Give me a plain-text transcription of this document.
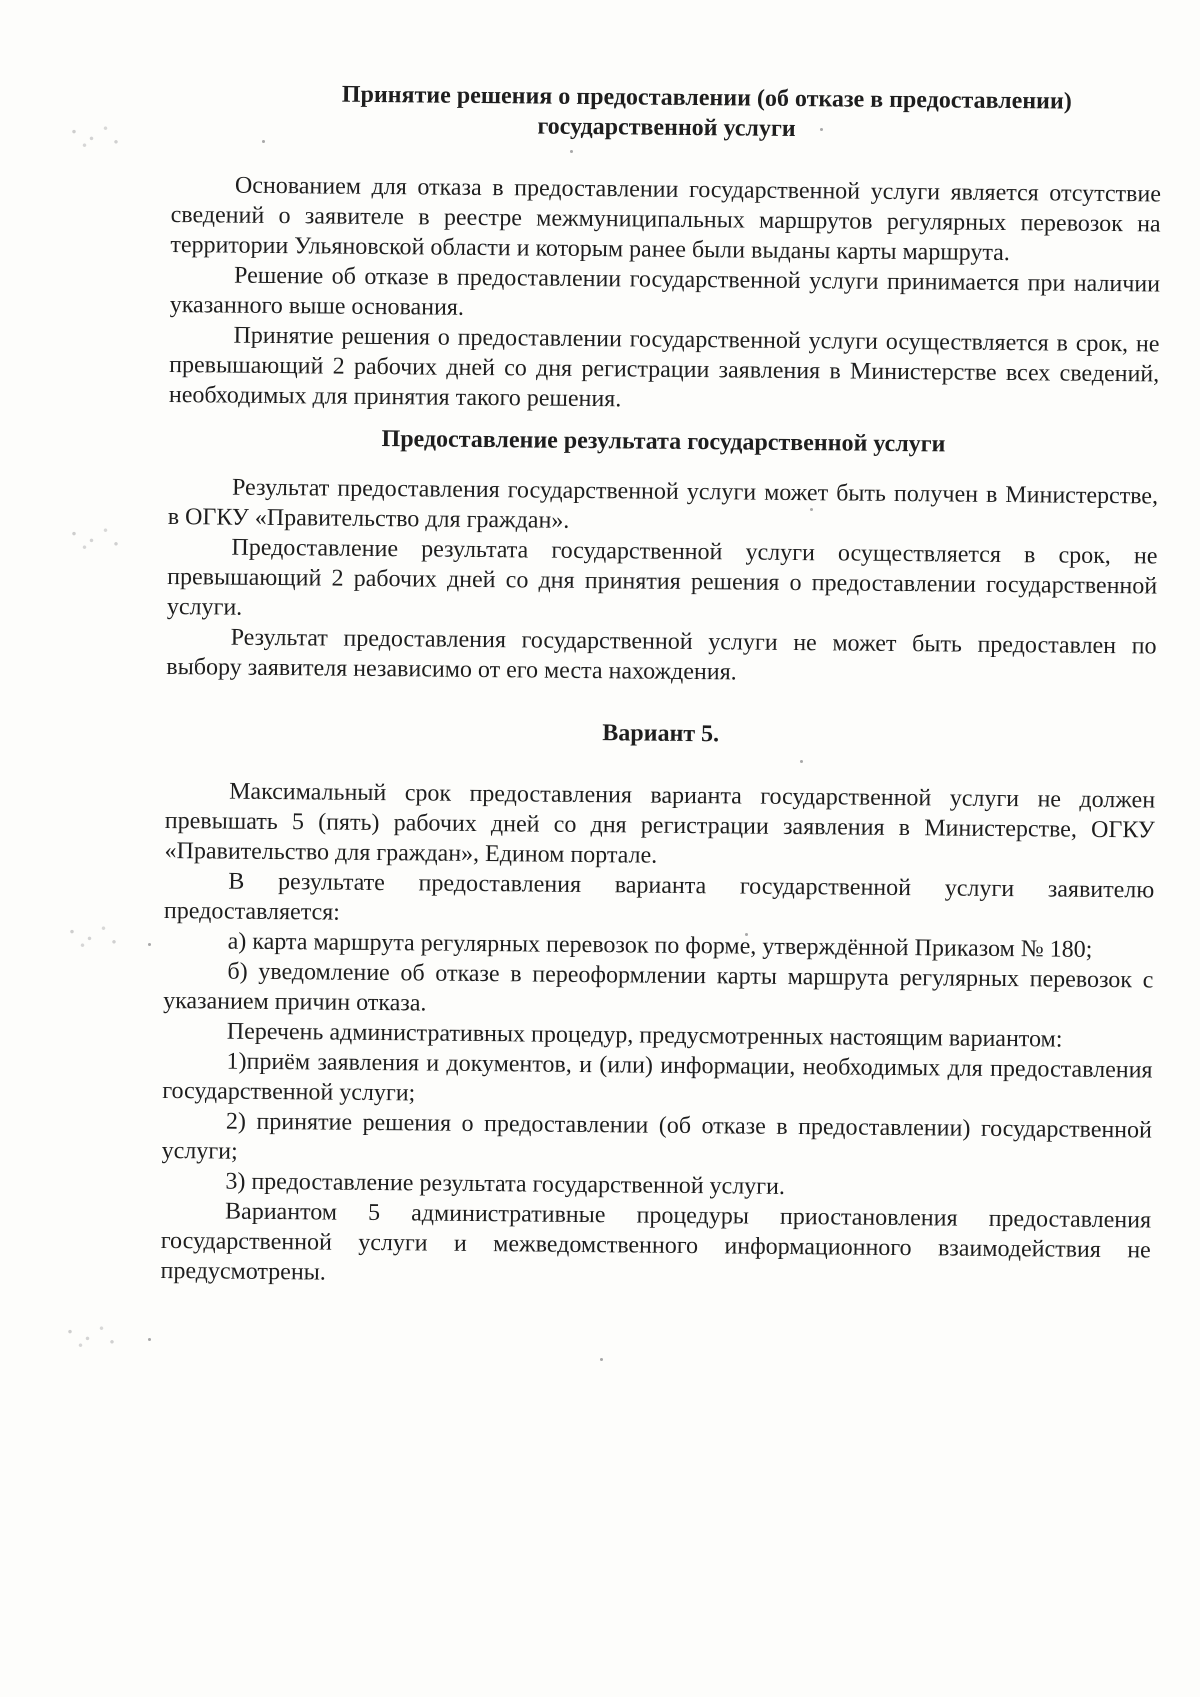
Принятие решения о предоставлении (об отказе в предоставлении)

государственной услуги

Основанием для отказа в предоставлении государственной услуги является отсутствие сведений о заявителе в реестре межмуниципальных маршрутов регулярных перевозок на территории Ульяновской области и которым ранее были выданы карты маршрута.

Решение об отказе в предоставлении государственной услуги принимается при наличии указанного выше основания.

Принятие решения о предоставлении государственной услуги осуществляется в срок, не превышающий 2 рабочих дней со дня регистрации заявления в Министерстве всех сведений, необходимых для принятия такого решения.

Предоставление результата государственной услуги

Результат предоставления государственной услуги может быть получен в Министерстве, в ОГКУ «Правительство для граждан».

Предоставление результата государственной услуги осуществляется в срок, не превышающий 2 рабочих дней со дня принятия решения о предоставлении государственной услуги.

Результат предоставления государственной услуги не может быть предоставлен по выбору заявителя независимо от его места нахождения.

Вариант 5.

Максимальный срок предоставления варианта государственной услуги не должен превышать 5 (пять) рабочих дней со дня регистрации заявления в Министерстве, ОГКУ «Правительство для граждан», Едином портале.

В результате предоставления варианта государственной услуги заявителю предоставляется:

а) карта маршрута регулярных перевозок по форме, утверждённой Приказом № 180;

б) уведомление об отказе в переоформлении карты маршрута регулярных перевозок с указанием причин отказа.

Перечень административных процедур, предусмотренных настоящим вариантом:

1)приём заявления и документов, и (или) информации, необходимых для предоставления государственной услуги;

2) принятие решения о предоставлении (об отказе в предоставлении) государственной услуги;

3) предоставление результата государственной услуги.

Вариантом 5 административные процедуры приостановления предоставления государственной услуги и межведомственного информационного взаимодействия не предусмотрены.
